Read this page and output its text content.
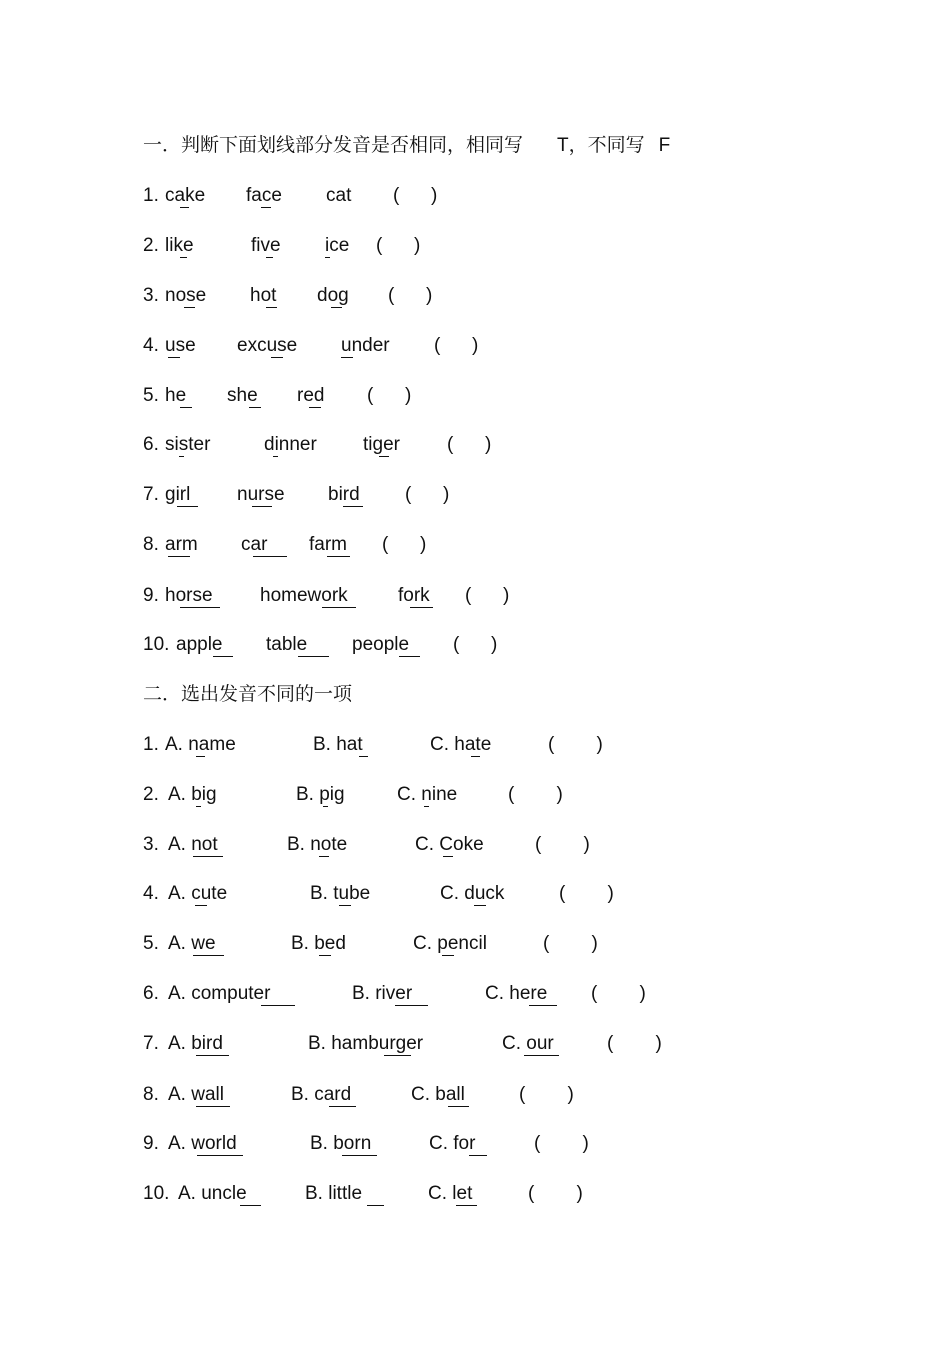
一．判断下面划线部分发音是否相同，相同写 T，不同写 F
1. cake face cat (      )
2. like	five ice (      )
3. nose hot dog (      )
4. use excuse under (      )
5. he she red (      )
6. sister	dinner tiger (      )
7. girl nurse bird (      )
8. arm car farm (      )
9. horse homework	fork (      )
10. apple table people (      )
二．选出发音不同的一项
1. A. name	B. hat	C. hate	(        )
2. A. big	B. pig	C. nine	(        )
3. A. not	B. note	C. Coke	(        )
4. A. cute	B. tube	C. duck	(        )
5. A. we	B. bed	C. pencil	(        )
6. A. computer	B. river	C. here (        )
7. A. bird	B. hamburger	C. our	(        )
8. A. wall	B. card	C. ball	(        )
9. A. world	B. born	C. for	(        )
10. A. uncle	B. little	C. let	(        )
